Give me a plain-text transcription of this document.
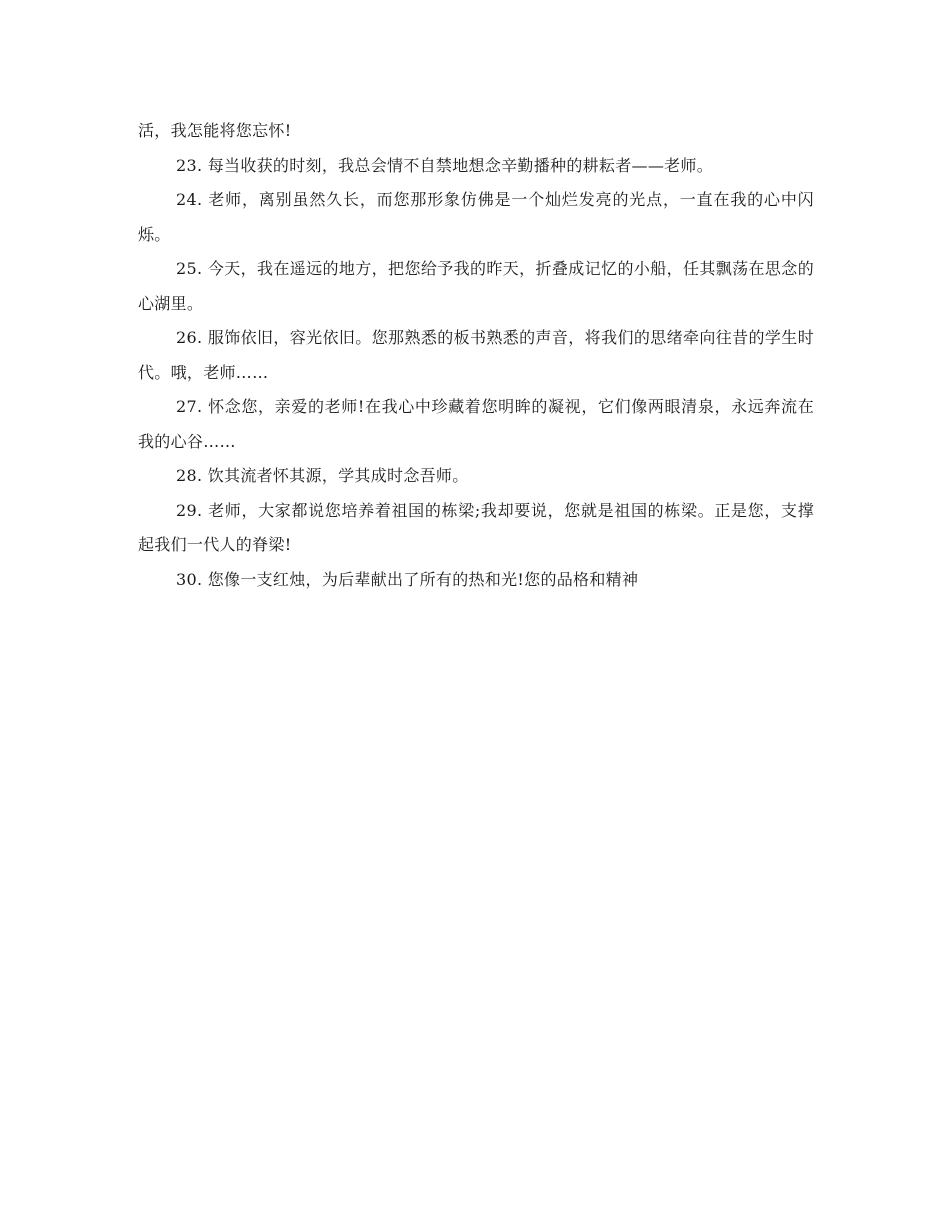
活，我怎能将您忘怀!

23. 每当收获的时刻，我总会情不自禁地想念辛勤播种的耕耘者——老师。

24. 老师，离别虽然久长，而您那形象仿佛是一个灿烂发亮的光点，一直在我的心中闪烁。

25. 今天，我在遥远的地方，把您给予我的昨天，折叠成记忆的小船，任其飘荡在思念的心湖里。

26. 服饰依旧，容光依旧。您那熟悉的板书熟悉的声音，将我们的思绪牵向往昔的学生时代。哦，老师……

27. 怀念您，亲爱的老师!在我心中珍藏着您明眸的凝视，它们像两眼清泉，永远奔流在我的心谷……

28. 饮其流者怀其源，学其成时念吾师。

29. 老师，大家都说您培养着祖国的栋梁;我却要说，您就是祖国的栋梁。正是您，支撑起我们一代人的脊梁!

30. 您像一支红烛，为后辈献出了所有的热和光!您的品格和精神
